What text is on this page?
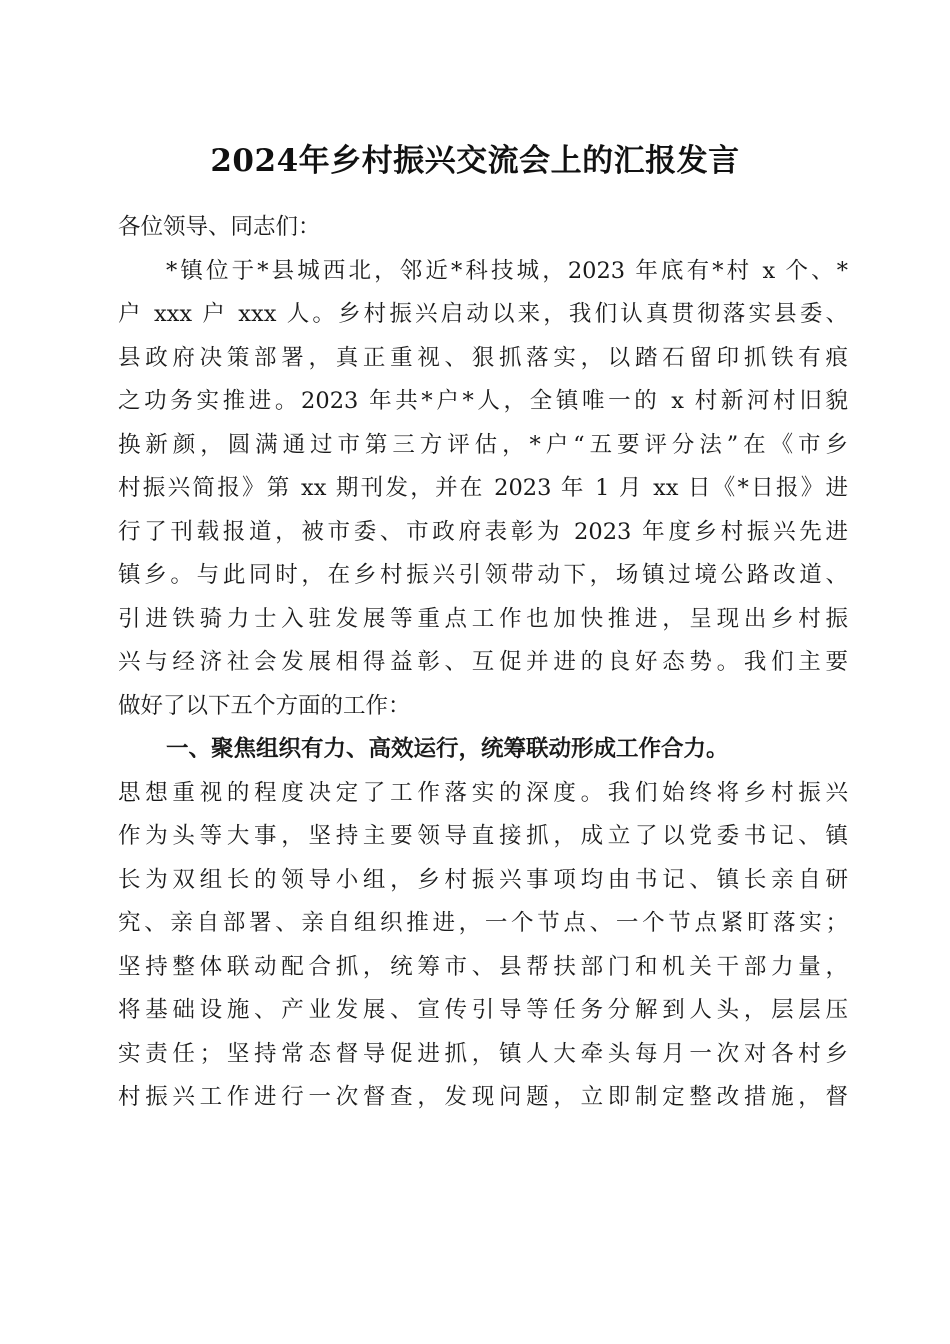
2024年乡村振兴交流会上的汇报发言
各位领导、同志们：
*镇位于*县城西北，邻近*科技城，2023 年底有*村 x 个、*
户 xxx 户 xxx 人。乡村振兴启动以来，我们认真贯彻落实县委、
县政府决策部署，真正重视、狠抓落实，以踏石留印抓铁有痕
之功务实推进。2023 年共*户*人，全镇唯一的 x 村新河村旧貌
换新颜，圆满通过市第三方评估，*户“五要评分法”在《市乡
村振兴简报》第 xx 期刊发，并在 2023 年 1 月 xx 日《*日报》进
行了刊载报道，被市委、市政府表彰为 2023 年度乡村振兴先进
镇乡。与此同时，在乡村振兴引领带动下，场镇过境公路改道、
引进铁骑力士入驻发展等重点工作也加快推进，呈现出乡村振
兴与经济社会发展相得益彰、互促并进的良好态势。我们主要
做好了以下五个方面的工作：
一、聚焦组织有力、高效运行，统筹联动形成工作合力。
思想重视的程度决定了工作落实的深度。我们始终将乡村振兴
作为头等大事，坚持主要领导直接抓，成立了以党委书记、镇
长为双组长的领导小组，乡村振兴事项均由书记、镇长亲自研
究、亲自部署、亲自组织推进，一个节点、一个节点紧盯落实；
坚持整体联动配合抓，统筹市、县帮扶部门和机关干部力量，
将基础设施、产业发展、宣传引导等任务分解到人头，层层压
实责任；坚持常态督导促进抓，镇人大牵头每月一次对各村乡
村振兴工作进行一次督查，发现问题，立即制定整改措施，督
